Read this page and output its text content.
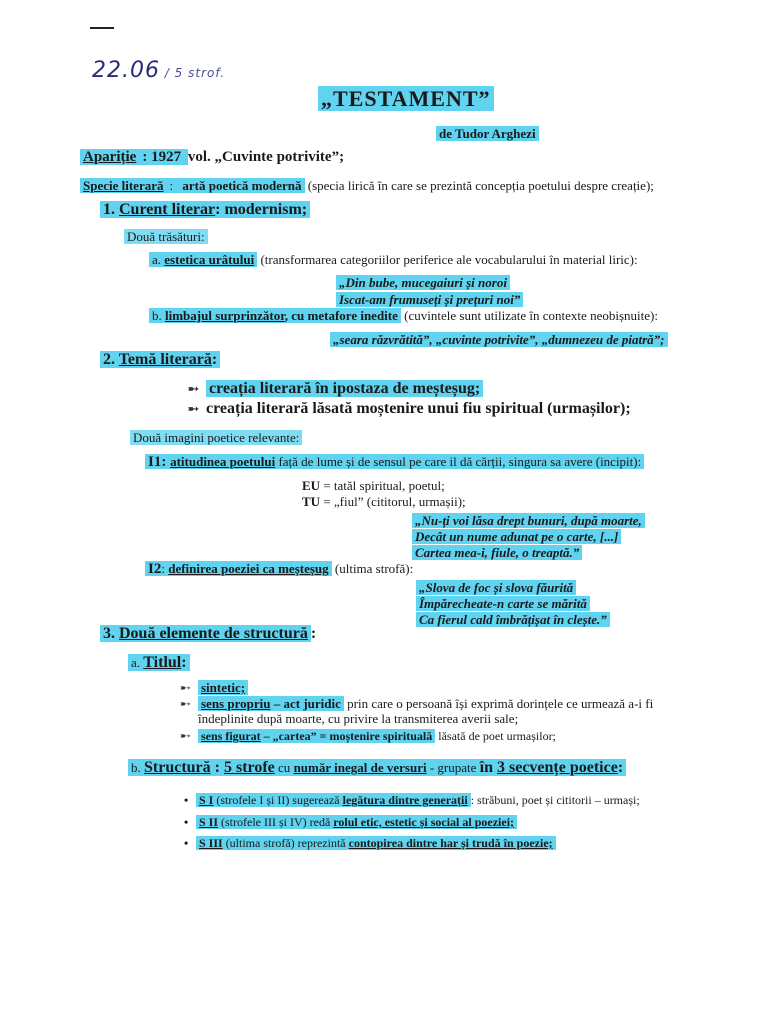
22.06 / 5 strof.
„TESTAMENT”
de Tudor Arghezi
Apariție : 1927 vol. „Cuvinte potrivite”;
Specie literară : artă poetică modernă (specia lirică în care se prezintă concepția poetului despre creație);
1. Curent literar: modernism;
Două trăsături:
a. estetica urâtului (transformarea categoriilor periferice ale vocabularului în material liric):
„Din bube, mucegaiuri și noroi
Iscat-am frumuseți și prețuri noi”
b. limbajul surprinzător, cu metafore inedite (cuvintele sunt utilizate în contexte neobișnuite):
„seara răzvrătită”, „cuvinte potrivite”, „dumnezeu de piatră”;
2. Temă literară:
➸ creația literară în ipostaza de meșteșug;
➸ creația literară lăsată moștenire unui fiu spiritual (urmașilor);
Două imagini poetice relevante:
I1: atitudinea poetului față de lume și de sensul pe care il dă cărții, singura sa avere (incipit):
EU = tatăl spiritual, poetul;
TU = „fiul” (cititorul, urmașii);
„Nu-ți voi lăsa drept bunuri, după moarte,
Decât un nume adunat pe o carte, [...]
Cartea mea-i, fiule, o treaptă.”
I2: definirea poeziei ca meșteșug (ultima strofă):
„Slova de foc și slova făurită
Împărecheate-n carte se mărită
Ca fierul cald îmbrățișat în clește.”
3. Două elemente de structură :
a. Titlul:
➸ sintetic;
➸ sens propriu – act juridic prin care o persoană își exprimă dorințele ce urmează a-i fi
îndeplinite după moarte, cu privire la transmiterea averii sale;
➸ sens figurat – „cartea” = moștenire spirituală lăsată de poet urmașilor;
b. Structură : 5 strofe cu număr inegal de versuri - grupate în 3 secvențe poetice:
• S I (strofele I și II) sugerează legătura dintre generații : străbuni, poet și cititorii – urmași;
• S II (strofele III și IV) redă rolul etic, estetic și social al poeziei;
• S III (ultima strofă) reprezintă contopirea dintre har și trudă în poezie;
